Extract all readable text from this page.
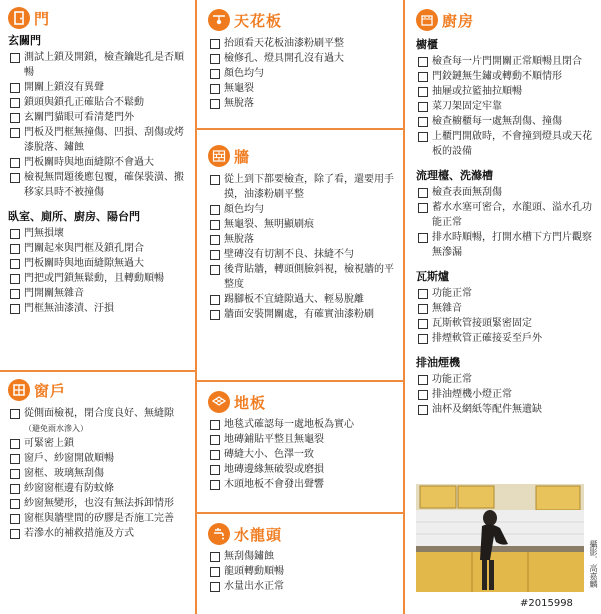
門
玄關門
測試上鎖及開鎖，檢查鑰匙孔是否順暢
開關上鎖沒有異聲
鎖頭與鎖孔正確貼合不鬆動
玄關門貓眼可看清楚門外
門板及門框無撞傷、凹損、刮傷或烤漆脫落、鏽蝕
門板關時與地面縫隙不會過大
檢視無問題後應包覆，確保裝潢、搬移家具時不被撞傷
臥室、廁所、廚房、陽台門
門無損壞
門關起來與門框及鎖孔閉合
門板關時與地面縫隙無過大
門把或門鎖無鬆動，且轉動順暢
門開關無雜音
門框無油漆漬、汙損
窗戶
從側面檢視，閉合度良好、無縫隙（避免雨水滲入）
可緊密上鎖
窗戶、紗窗開啟順暢
窗框、玻璃無刮傷
紗窗窗框邊有防蚊條
紗窗無變形，也沒有無法拆卸情形
窗框與牆壁間的矽膠是否施工完善
若滲水的補救措施及方式
天花板
抬頭看天花板油漆粉刷平整
檢修孔、燈具開孔沒有過大
顏色均勻
無龜裂
無脫落
牆
從上到下都要檢查，除了看，還要用手摸，油漆粉刷平整
顏色均勻
無龜裂、無明顯刷痕
無脫落
壁磚沒有切割不良、抹縫不勻
後背貼牆，轉頭側臉斜視，檢視牆的平整度
踢腳板不宜縫隙過大、輕易脫離
牆面安裝開關處，有確實油漆粉刷
地板
地毯式確認每一處地板為實心
地磚鋪貼平整且無龜裂
磚縫大小、色澤一致
地磚邊緣無破裂或磨損
木頭地板不會發出聲響
水龍頭
無刮傷鏽蝕
龍頭轉動順暢
水量出水正常
廚房
櫥櫃
檢查每一片門開關正常順暢且閉合
門鉸鏈無生鏽或轉動不順情形
抽屜或拉籃抽拉順暢
菜刀架固定牢靠
檢查櫥櫃每一處無刮傷、撞傷
上櫃門開啟時，不會撞到燈具或天花板的設備
流理檯、洗滌槽
檢查表面無刮傷
蓄水水塞可密合，水龍頭、溢水孔功能正常
排水時順暢，打開水槽下方門片觀察無滲漏
瓦斯爐
功能正常
無雜音
瓦斯軟管接頭緊密固定
排煙軟管正確接妥至戶外
排油煙機
功能正常
排油煙機小燈正常
油杯及網紙等配件無遺缺
攝影．高嘉麟
#2015998
